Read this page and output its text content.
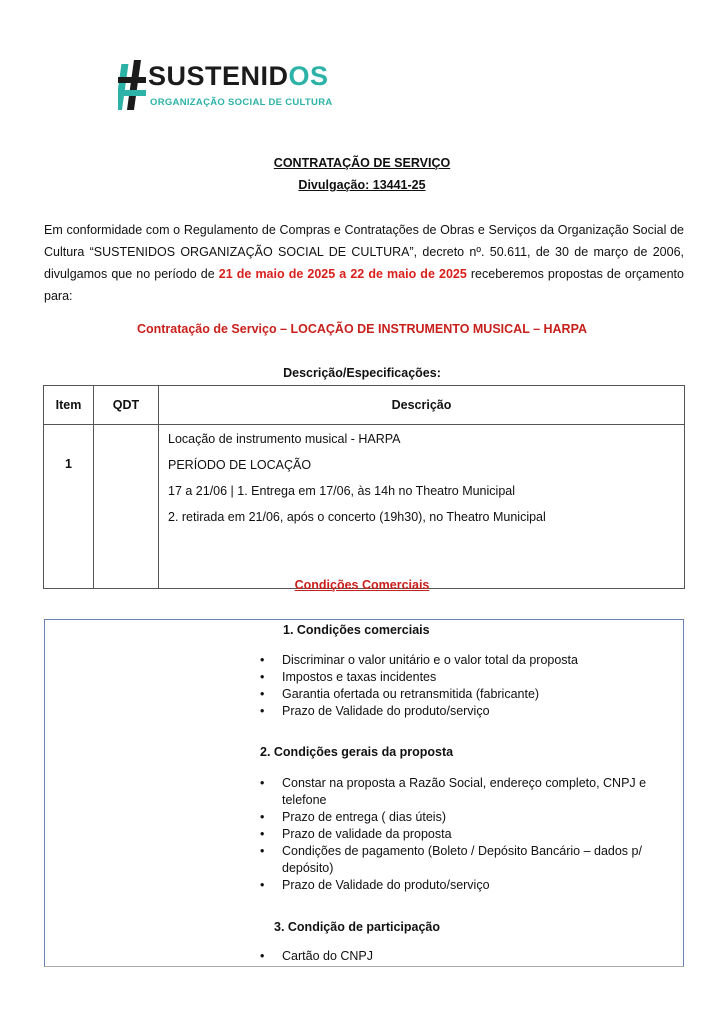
SUSTENIDOS
ORGANIZAÇÃO SOCIAL DE CULTURA
CONTRATAÇÃO DE SERVIÇO
Divulgação: 13441-25
Em conformidade com o Regulamento de Compras e Contratações de Obras e Serviços da Organização Social de Cultura “SUSTENIDOS ORGANIZAÇÃO SOCIAL DE CULTURA”, decreto nº. 50.611, de 30 de março de 2006, divulgamos que no período de 21 de maio de 2025 a 22 de maio de 2025 receberemos propostas de orçamento para:
Contratação de Serviço – LOCAÇÃO DE INSTRUMENTO MUSICAL – HARPA
Descrição/Especificações:
Item	QDT	Descrição
1		Locação de instrumento musical - HARPA

PERÍODO DE LOCAÇÃO

17 a 21/06 | 1. Entrega em 17/06, às 14h no Theatro Municipal

2. retirada em 21/06, após o concerto (19h30), no Theatro Municipal

Condições Comerciais
1. Condições comerciais
• Discriminar o valor unitário e o valor total da proposta
• Impostos e taxas incidentes
• Garantia ofertada ou retransmitida (fabricante)
• Prazo de Validade do produto/serviço
2. Condições gerais da proposta
• Constar na proposta a Razão Social, endereço completo, CNPJ e telefone
• Prazo de entrega ( dias úteis)
• Prazo de validade da proposta
• Condições de pagamento (Boleto / Depósito Bancário – dados p/ depósito)
• Prazo de Validade do produto/serviço
3. Condição de participação
• Cartão do CNPJ
